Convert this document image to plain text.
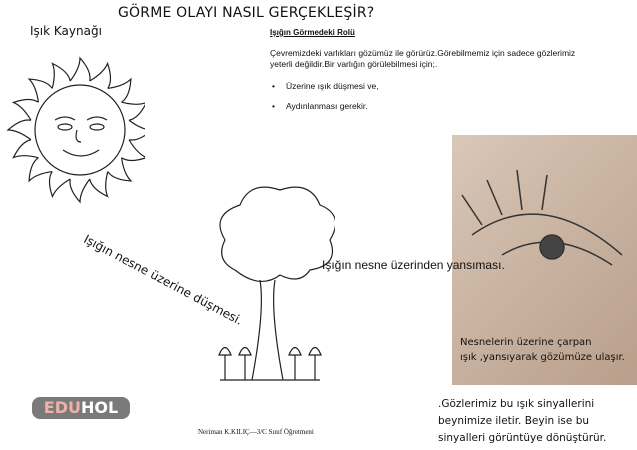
GÖRME OLAYI NASIL GERÇEKLEŞİR?
Işık Kaynağı	Işığın Görmedeki Rolü
Çevremizdeki varlıkları gözümüz ile görürüz.Görebilmemiz için sadece gözlerimiz yeterli değildir.Bir varlığın görülebilmesi için;.
• Üzerine ışık düşmesi ve,
• Aydınlanması gerekir.
Işığın nesne üzerine düşmesi.	Işığın nesne üzerinden yansıması.
Nesnelerin üzerine çarpan
ışık ,yansıyarak gözümüze ulaşır.
.Gözlerimiz bu ışık sinyallerini beynimize iletir. Beyin ise bu sinyalleri görüntüye dönüştürür.
EDUHOL
Neriman K.KILIÇ—3/C Sınıf Öğretmeni
